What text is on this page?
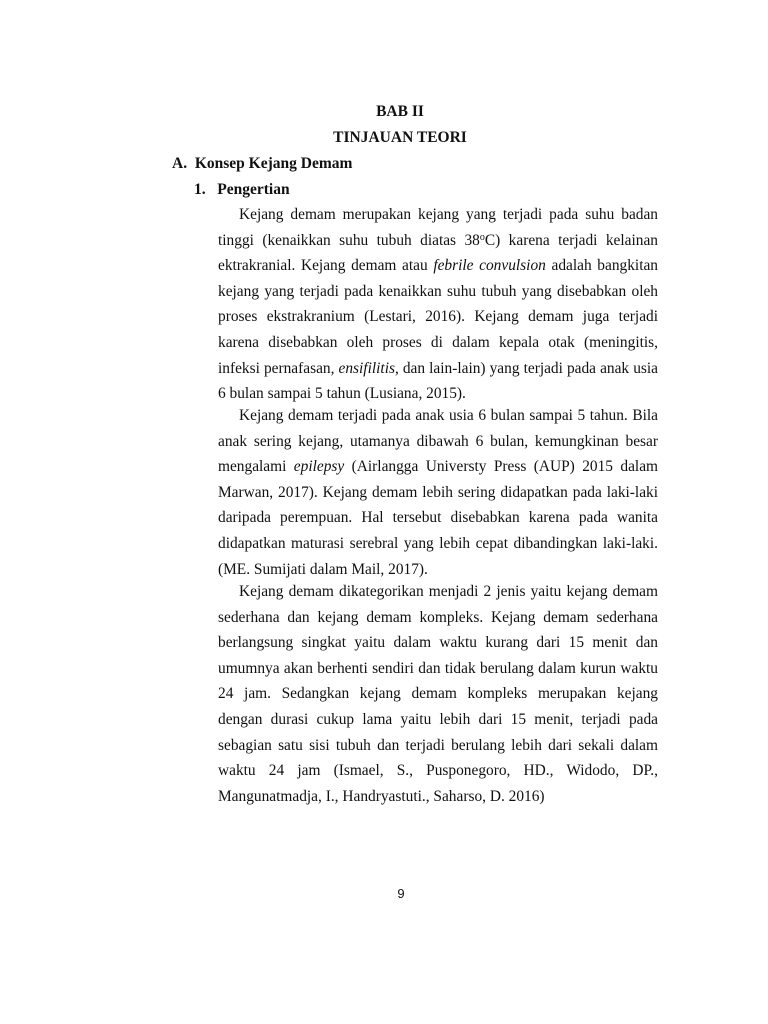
BAB II
TINJAUAN TEORI
A.  Konsep Kejang Demam
1.   Pengertian

Kejang demam merupakan kejang yang terjadi pada suhu badan tinggi (kenaikkan suhu tubuh diatas 38$^o$C) karena terjadi kelainan ektrakranial. Kejang demam atau febrile convulsion adalah bangkitan kejang yang terjadi pada kenaikkan suhu tubuh yang disebabkan oleh proses ekstrakranium (Lestari, 2016). Kejang demam juga terjadi karena disebabkan oleh proses di dalam kepala otak (meningitis, infeksi pernafasan, ensifilitis, dan lain-lain) yang terjadi pada anak usia 6 bulan sampai 5 tahun (Lusiana, 2015).

Kejang demam terjadi pada anak usia 6 bulan sampai 5 tahun. Bila anak sering kejang, utamanya dibawah 6 bulan, kemungkinan besar mengalami epilepsy (Airlangga Universty Press (AUP) 2015 dalam Marwan, 2017). Kejang demam lebih sering didapatkan pada laki-laki daripada perempuan. Hal tersebut disebabkan karena pada wanita didapatkan maturasi serebral yang lebih cepat dibandingkan laki-laki. (ME. Sumijati dalam Mail, 2017).

Kejang demam dikategorikan menjadi 2 jenis yaitu kejang demam sederhana dan kejang demam kompleks. Kejang demam sederhana berlangsung singkat yaitu dalam waktu kurang dari 15 menit dan umumnya akan berhenti sendiri dan tidak berulang dalam kurun waktu 24 jam. Sedangkan kejang demam kompleks merupakan kejang dengan durasi cukup lama yaitu lebih dari 15 menit, terjadi pada sebagian satu sisi tubuh dan terjadi berulang lebih dari sekali dalam waktu 24 jam (Ismael, S., Pusponegoro, HD., Widodo, DP., Mangunatmadja, I., Handryastuti., Saharso, D. 2016)

9
